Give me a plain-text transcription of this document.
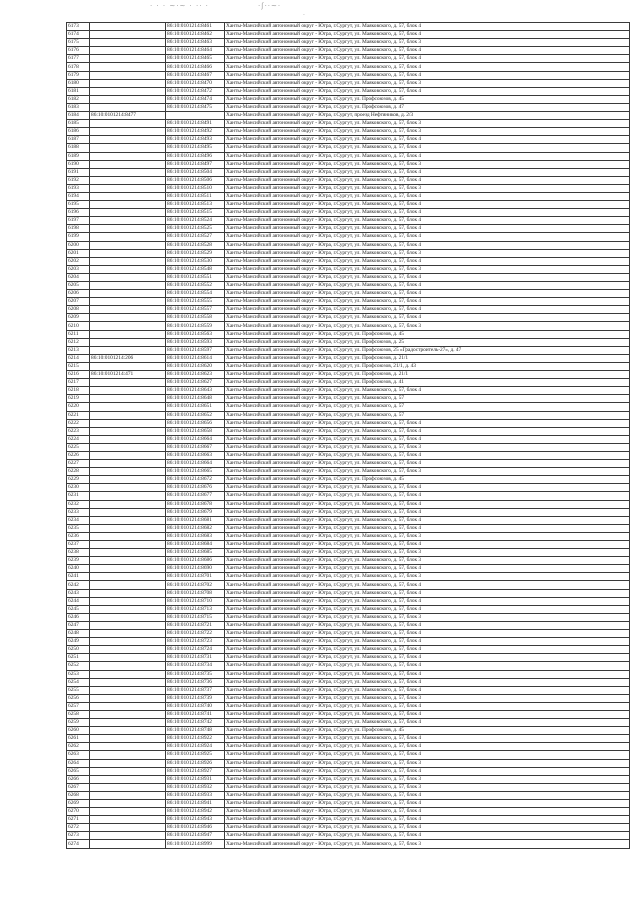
· · · ~·~ · ·· ·	·ʃ··~·
·
6173		86:10:0101214:8461	Ханты-Мансийский автономный округ - Югра, г.Сургут, ул. Маяковского, д. 57, блок 4
6174		86:10:0101214:8462	Ханты-Мансийский автономный округ - Югра, г.Сургут, ул. Маяковского, д. 57, блок 4
6175		86:10:0101214:8463	Ханты-Мансийский автономный округ - Югра, г.Сургут, ул. Маяковского, д. 57, блок 3
6176		86:10:0101214:8464	Ханты-Мансийский автономный округ - Югра, г.Сургут, ул. Маяковского, д. 57, блок 4
6177		86:10:0101214:8465	Ханты-Мансийский автономный округ - Югра, г.Сургут, ул. Маяковского, д. 57, блок 4
6178		86:10:0101214:8466	Ханты-Мансийский автономный округ - Югра, г.Сургут, ул. Маяковского, д. 57, блок 4
6179		86:10:0101214:8467	Ханты-Мансийский автономный округ - Югра, г.Сургут, ул. Маяковского, д. 57, блок 4
6180		86:10:0101214:8470	Ханты-Мансийский автономный округ - Югра, г.Сургут, ул. Маяковского, д. 57, блок 3
6181		86:10:0101214:8472	Ханты-Мансийский автономный округ - Югра, г.Сургут, ул. Маяковского, д. 57, блок 4
6182		86:10:0101214:8474	Ханты-Мансийский автономный округ - Югра, г.Сургут, ул. Профсоюзов, д. 45
6183		86:10:0101214:8475	Ханты-Мансийский автономный округ - Югра, г.Сургут, ул. Профсоюзов, д. 47
6184	86:10:0101214:8477		Ханты-Мансийский автономный округ - Югра, г.Сургут, проезд Нефтяников, д. 2/3
6185		86:10:0101214:8491	Ханты-Мансийский автономный округ - Югра, г.Сургут, ул. Маяковского, д. 57, блок 3
6186		86:10:0101214:8492	Ханты-Мансийский автономный округ - Югра, г.Сургут, ул. Маяковского, д. 57, блок 3
6187		86:10:0101214:8493	Ханты-Мансийский автономный округ - Югра, г.Сургут, ул. Маяковского, д. 57, блок 4
6188		86:10:0101214:8495	Ханты-Мансийский автономный округ - Югра, г.Сургут, ул. Маяковского, д. 57, блок 4
6189		86:10:0101214:8496	Ханты-Мансийский автономный округ - Югра, г.Сургут, ул. Маяковского, д. 57, блок 4
6190		86:10:0101214:8497	Ханты-Мансийский автономный округ - Югра, г.Сургут, ул. Маяковского, д. 57, блок 3
6191		86:10:0101214:8504	Ханты-Мансийский автономный округ - Югра, г.Сургут, ул. Маяковского, д. 57, блок 4
6192		86:10:0101214:8506	Ханты-Мансийский автономный округ - Югра, г.Сургут, ул. Маяковского, д. 57, блок 4
6193		86:10:0101214:8510	Ханты-Мансийский автономный округ - Югра, г.Сургут, ул. Маяковского, д. 57, блок 3
6194		86:10:0101214:8511	Ханты-Мансийский автономный округ - Югра, г.Сургут, ул. Маяковского, д. 57, блок 4
6195		86:10:0101214:8513	Ханты-Мансийский автономный округ - Югра, г.Сургут, ул. Маяковского, д. 57, блок 4
6196		86:10:0101214:8515	Ханты-Мансийский автономный округ - Югра, г.Сургут, ул. Маяковского, д. 57, блок 4
6197		86:10:0101214:8524	Ханты-Мансийский автономный округ - Югра, г.Сургут, ул. Маяковского, д. 57, блок 4
6198		86:10:0101214:8525	Ханты-Мансийский автономный округ - Югра, г.Сургут, ул. Маяковского, д. 57, блок 4
6199		86:10:0101214:8527	Ханты-Мансийский автономный округ - Югра, г.Сургут, ул. Маяковского, д. 57, блок 4
6200		86:10:0101214:8528	Ханты-Мансийский автономный округ - Югра, г.Сургут, ул. Маяковского, д. 57, блок 4
6201		86:10:0101214:8529	Ханты-Мансийский автономный округ - Югра, г.Сургут, ул. Маяковского, д. 57, блок 3
6202		86:10:0101214:8530	Ханты-Мансийский автономный округ - Югра, г.Сургут, ул. Маяковского, д. 57, блок 4
6203		86:10:0101214:8548	Ханты-Мансийский автономный округ - Югра, г.Сургут, ул. Маяковского, д. 57, блок 3
6204		86:10:0101214:8551	Ханты-Мансийский автономный округ - Югра, г.Сургут, ул. Маяковского, д. 57, блок 4
6205		86:10:0101214:8552	Ханты-Мансийский автономный округ - Югра, г.Сургут, ул. Маяковского, д. 57, блок 4
6206		86:10:0101214:8554	Ханты-Мансийский автономный округ - Югра, г.Сургут, ул. Маяковского, д. 57, блок 4
6207		86:10:0101214:8555	Ханты-Мансийский автономный округ - Югра, г.Сургут, ул. Маяковского, д. 57, блок 4
6208		86:10:0101214:8557	Ханты-Мансийский автономный округ - Югра, г.Сургут, ул. Маяковского, д. 57, блок 4
6209		86:10:0101214:8558	Ханты-Мансийский автономный округ - Югра, г.Сургут, ул. Маяковского, д. 57, блок 4
6210		86:10:0101214:8559	Ханты-Мансийский автономный округ - Югра, г.Сургут, ул. Маяковского, д. 57, блок 3
6211		86:10:0101214:8563	Ханты-Мансийский автономный округ - Югра, г.Сургут, ул. Профсоюзов, д. 45
6212		86:10:0101214:8593	Ханты-Мансийский автономный округ - Югра, г.Сургут, ул. Профсоюзов, д. 25
6213		86:10:0101214:8597	Ханты-Мансийский автономный округ - Югра, г.Сургут, ул. Профсоюзов, 25 «Градостроитель-27», д. 47
6214	86:10:0101214:206	86:10:0101214:8614	Ханты-Мансийский автономный округ - Югра, г.Сургут, ул. Профсоюзов, д. 21/1
6215		86:10:0101214:8620	Ханты-Мансийский автономный округ - Югра, г.Сургут, ул. Профсоюзов, 21/1, д. 43
6216	86:10:0101214:471	86:10:0101214:8623	Ханты-Мансийский автономный округ - Югра, г.Сургут, ул. Профсоюзов, д. 21/1
6217		86:10:0101214:8627	Ханты-Мансийский автономный округ - Югра, г.Сургут, ул. Профсоюзов, д. 41
6218		86:10:0101214:8643	Ханты-Мансийский автономный округ - Югра, г.Сургут, ул. Маяковского, д. 57, блок 4
6219		86:10:0101214:8648	Ханты-Мансийский автономный округ - Югра, г.Сургут, ул. Маяковского, д. 57
6220		86:10:0101214:8651	Ханты-Мансийский автономный округ - Югра, г.Сургут, ул. Маяковского, д. 57
6221		86:10:0101214:8652	Ханты-Мансийский автономный округ - Югра, г.Сургут, ул. Маяковского, д. 57
6222		86:10:0101214:8656	Ханты-Мансийский автономный округ - Югра, г.Сургут, ул. Маяковского, д. 57, блок 4
6223		86:10:0101214:8658	Ханты-Мансийский автономный округ - Югра, г.Сургут, ул. Маяковского, д. 57, блок 4
6224		86:10:0101214:8664	Ханты-Мансийский автономный округ - Югра, г.Сургут, ул. Маяковского, д. 57, блок 4
6225		86:10:0101214:8667	Ханты-Мансийский автономный округ - Югра, г.Сургут, ул. Маяковского, д. 57, блок 3
6226		86:10:0101214:8663	Ханты-Мансийский автономный округ - Югра, г.Сургут, ул. Маяковского, д. 57, блок 4
6227		86:10:0101214:8664	Ханты-Мансийский автономный округ - Югра, г.Сургут, ул. Маяковского, д. 57, блок 4
6228		86:10:0101214:8665	Ханты-Мансийский автономный округ - Югра, г.Сургут, ул. Маяковского, д. 57, блок 3
6229		86:10:0101214:8672	Ханты-Мансийский автономный округ - Югра, г.Сургут, ул. Профсоюзов, д. 45
6230		86:10:0101214:8676	Ханты-Мансийский автономный округ - Югра, г.Сургут, ул. Маяковского, д. 57, блок 4
6231		86:10:0101214:8677	Ханты-Мансийский автономный округ - Югра, г.Сургут, ул. Маяковского, д. 57, блок 4
6232		86:10:0101214:8678	Ханты-Мансийский автономный округ - Югра, г.Сургут, ул. Маяковского, д. 57, блок 4
6233		86:10:0101214:8679	Ханты-Мансийский автономный округ - Югра, г.Сургут, ул. Маяковского, д. 57, блок 4
6234		86:10:0101214:8681	Ханты-Мансийский автономный округ - Югра, г.Сургут, ул. Маяковского, д. 57, блок 4
6235		86:10:0101214:8682	Ханты-Мансийский автономный округ - Югра, г.Сургут, ул. Маяковского, д. 57, блок 4
6236		86:10:0101214:8683	Ханты-Мансийский автономный округ - Югра, г.Сургут, ул. Маяковского, д. 57, блок 3
6237		86:10:0101214:8684	Ханты-Мансийский автономный округ - Югра, г.Сургут, ул. Маяковского, д. 57, блок 4
6238		86:10:0101214:8685	Ханты-Мансийский автономный округ - Югра, г.Сургут, ул. Маяковского, д. 57, блок 3
6239		86:10:0101214:8686	Ханты-Мансийский автономный округ - Югра, г.Сургут, ул. Маяковского, д. 57, блок 3
6240		86:10:0101214:8690	Ханты-Мансийский автономный округ - Югра, г.Сургут, ул. Маяковского, д. 57, блок 4
6241		86:10:0101214:8701	Ханты-Мансийский автономный округ - Югра, г.Сургут, ул. Маяковского, д. 57, блок 3
6242		86:10:0101214:8702	Ханты-Мансийский автономный округ - Югра, г.Сургут, ул. Маяковского, д. 57, блок 4
6243		86:10:0101214:8708	Ханты-Мансийский автономный округ - Югра, г.Сургут, ул. Маяковского, д. 57, блок 4
6244		86:10:0101214:8710	Ханты-Мансийский автономный округ - Югра, г.Сургут, ул. Маяковского, д. 57, блок 4
6245		86:10:0101214:8713	Ханты-Мансийский автономный округ - Югра, г.Сургут, ул. Маяковского, д. 57, блок 4
6246		86:10:0101214:8715	Ханты-Мансийский автономный округ - Югра, г.Сургут, ул. Маяковского, д. 57, блок 3
6247		86:10:0101214:8721	Ханты-Мансийский автономный округ - Югра, г.Сургут, ул. Маяковского, д. 57, блок 4
6248		86:10:0101214:8722	Ханты-Мансийский автономный округ - Югра, г.Сургут, ул. Маяковского, д. 57, блок 4
6249		86:10:0101214:8723	Ханты-Мансийский автономный округ - Югра, г.Сургут, ул. Маяковского, д. 57, блок 4
6250		86:10:0101214:8724	Ханты-Мансийский автономный округ - Югра, г.Сургут, ул. Маяковского, д. 57, блок 4
6251		86:10:0101214:8731	Ханты-Мансийский автономный округ - Югра, г.Сургут, ул. Маяковского, д. 57, блок 4
6252		86:10:0101214:8734	Ханты-Мансийский автономный округ - Югра, г.Сургут, ул. Маяковского, д. 57, блок 4
6253		86:10:0101214:8735	Ханты-Мансийский автономный округ - Югра, г.Сургут, ул. Маяковского, д. 57, блок 4
6254		86:10:0101214:8736	Ханты-Мансийский автономный округ - Югра, г.Сургут, ул. Маяковского, д. 57, блок 4
6255		86:10:0101214:8737	Ханты-Мансийский автономный округ - Югра, г.Сургут, ул. Маяковского, д. 57, блок 4
6256		86:10:0101214:8739	Ханты-Мансийский автономный округ - Югра, г.Сургут, ул. Маяковского, д. 57, блок 3
6257		86:10:0101214:8740	Ханты-Мансийский автономный округ - Югра, г.Сургут, ул. Маяковского, д. 57, блок 4
6258		86:10:0101214:8741	Ханты-Мансийский автономный округ - Югра, г.Сургут, ул. Маяковского, д. 57, блок 4
6259		86:10:0101214:8742	Ханты-Мансийский автономный округ - Югра, г.Сургут, ул. Маяковского, д. 57, блок 4
6260		86:10:0101214:8748	Ханты-Мансийский автономный округ - Югра, г.Сургут, ул. Профсоюзов, д. 45
6261		86:10:0101214:8922	Ханты-Мансийский автономный округ - Югра, г.Сургут, ул. Маяковского, д. 57, блок 4
6262		86:10:0101214:8924	Ханты-Мансийский автономный округ - Югра, г.Сургут, ул. Маяковского, д. 57, блок 4
6263		86:10:0101214:8925	Ханты-Мансийский автономный округ - Югра, г.Сургут, ул. Маяковского, д. 57, блок 4
6264		86:10:0101214:8926	Ханты-Мансийский автономный округ - Югра, г.Сургут, ул. Маяковского, д. 57, блок 3
6265		86:10:0101214:8927	Ханты-Мансийский автономный округ - Югра, г.Сургут, ул. Маяковского, д. 57, блок 4
6266		86:10:0101214:8931	Ханты-Мансийский автономный округ - Югра, г.Сургут, ул. Маяковского, д. 57, блок 3
6267		86:10:0101214:8932	Ханты-Мансийский автономный округ - Югра, г.Сургут, ул. Маяковского, д. 57, блок 3
6268		86:10:0101214:8933	Ханты-Мансийский автономный округ - Югра, г.Сургут, ул. Маяковского, д. 57, блок 4
6269		86:10:0101214:8941	Ханты-Мансийский автономный округ - Югра, г.Сургут, ул. Маяковского, д. 57, блок 4
6270		86:10:0101214:8942	Ханты-Мансийский автономный округ - Югра, г.Сургут, ул. Маяковского, д. 57, блок 4
6271		86:10:0101214:8943	Ханты-Мансийский автономный округ - Югра, г.Сургут, ул. Маяковского, д. 57, блок 4
6272		86:10:0101214:8946	Ханты-Мансийский автономный округ - Югра, г.Сургут, ул. Маяковского, д. 57, блок 4
6273		86:10:0101214:8947	Ханты-Мансийский автономный округ - Югра, г.Сургут, ул. Маяковского, д. 57, блок 4
6274		86:10:0101214:8999	Ханты-Мансийский автономный округ - Югра, г.Сургут, ул. Маяковского, д. 57, блок 3
